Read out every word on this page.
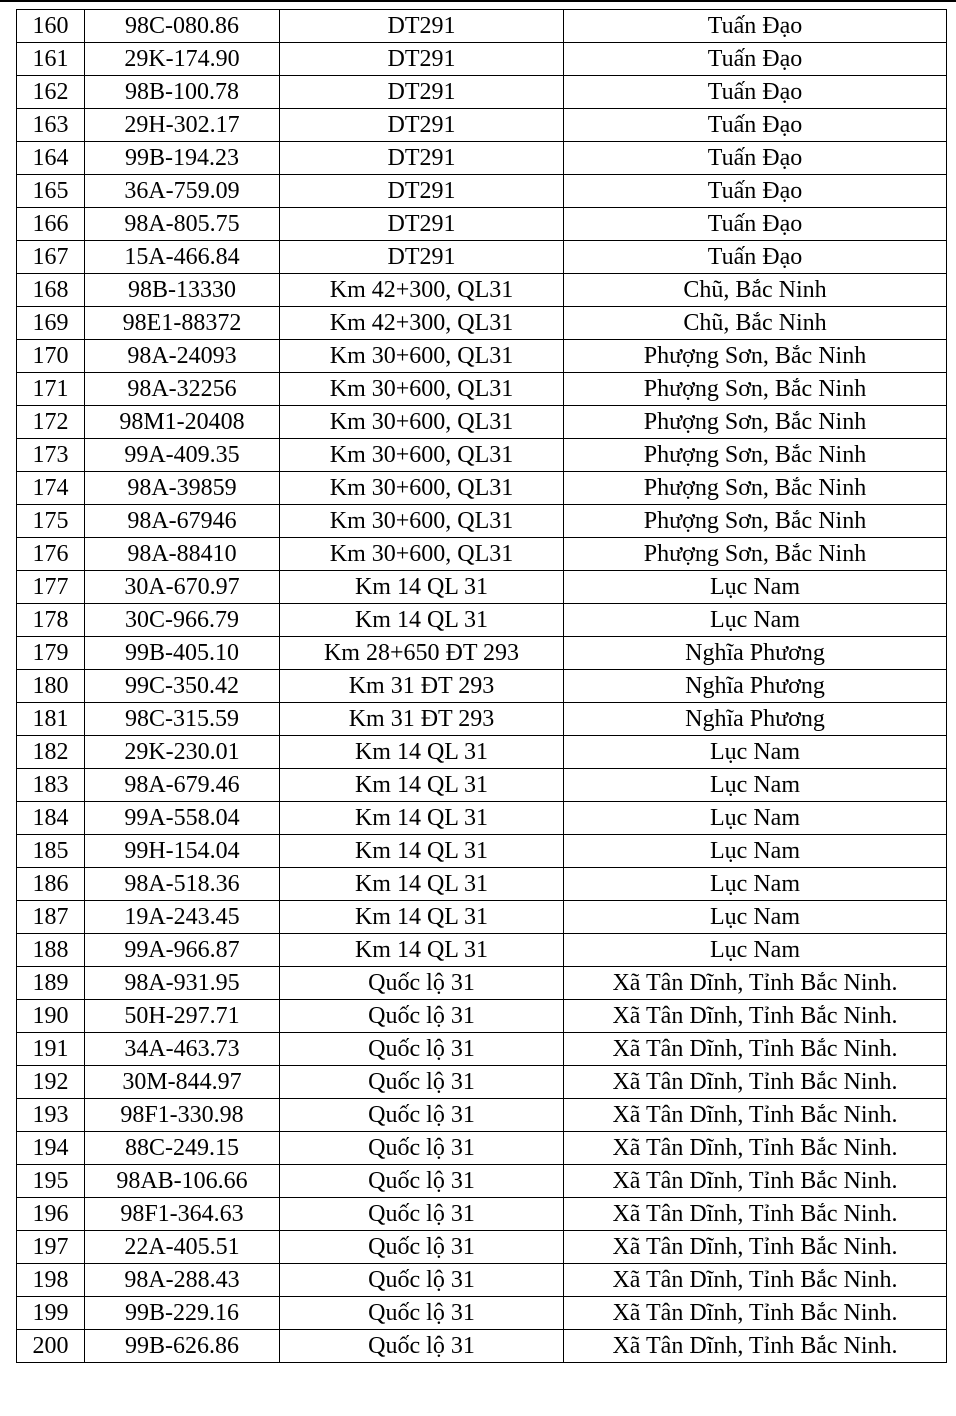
160	98C-080.86	DT291	Tuấn Đạo
161	29K-174.90	DT291	Tuấn Đạo
162	98B-100.78	DT291	Tuấn Đạo
163	29H-302.17	DT291	Tuấn Đạo
164	99B-194.23	DT291	Tuấn Đạo
165	36A-759.09	DT291	Tuấn Đạo
166	98A-805.75	DT291	Tuấn Đạo
167	15A-466.84	DT291	Tuấn Đạo
168	98B-13330	Km 42+300, QL31	Chũ, Bắc Ninh
169	98E1-88372	Km 42+300, QL31	Chũ, Bắc Ninh
170	98A-24093	Km 30+600, QL31	Phượng Sơn, Bắc Ninh
171	98A-32256	Km 30+600, QL31	Phượng Sơn, Bắc Ninh
172	98M1-20408	Km 30+600, QL31	Phượng Sơn, Bắc Ninh
173	99A-409.35	Km 30+600, QL31	Phượng Sơn, Bắc Ninh
174	98A-39859	Km 30+600, QL31	Phượng Sơn, Bắc Ninh
175	98A-67946	Km 30+600, QL31	Phượng Sơn, Bắc Ninh
176	98A-88410	Km 30+600, QL31	Phượng Sơn, Bắc Ninh
177	30A-670.97	Km 14 QL 31	Lục Nam
178	30C-966.79	Km 14 QL 31	Lục Nam
179	99B-405.10	Km 28+650 ĐT 293	Nghĩa Phương
180	99C-350.42	Km 31 ĐT 293	Nghĩa Phương
181	98C-315.59	Km 31 ĐT 293	Nghĩa Phương
182	29K-230.01	Km 14 QL 31	Lục Nam
183	98A-679.46	Km 14 QL 31	Lục Nam
184	99A-558.04	Km 14 QL 31	Lục Nam
185	99H-154.04	Km 14 QL 31	Lục Nam
186	98A-518.36	Km 14 QL 31	Lục Nam
187	19A-243.45	Km 14 QL 31	Lục Nam
188	99A-966.87	Km 14 QL 31	Lục Nam
189	98A-931.95	Quốc lộ 31	Xã Tân Dĩnh, Tỉnh Bắc Ninh.
190	50H-297.71	Quốc lộ 31	Xã Tân Dĩnh, Tỉnh Bắc Ninh.
191	34A-463.73	Quốc lộ 31	Xã Tân Dĩnh, Tỉnh Bắc Ninh.
192	30M-844.97	Quốc lộ 31	Xã Tân Dĩnh, Tỉnh Bắc Ninh.
193	98F1-330.98	Quốc lộ 31	Xã Tân Dĩnh, Tỉnh Bắc Ninh.
194	88C-249.15	Quốc lộ 31	Xã Tân Dĩnh, Tỉnh Bắc Ninh.
195	98AB-106.66	Quốc lộ 31	Xã Tân Dĩnh, Tỉnh Bắc Ninh.
196	98F1-364.63	Quốc lộ 31	Xã Tân Dĩnh, Tỉnh Bắc Ninh.
197	22A-405.51	Quốc lộ 31	Xã Tân Dĩnh, Tỉnh Bắc Ninh.
198	98A-288.43	Quốc lộ 31	Xã Tân Dĩnh, Tỉnh Bắc Ninh.
199	99B-229.16	Quốc lộ 31	Xã Tân Dĩnh, Tỉnh Bắc Ninh.
200	99B-626.86	Quốc lộ 31	Xã Tân Dĩnh, Tỉnh Bắc Ninh.
